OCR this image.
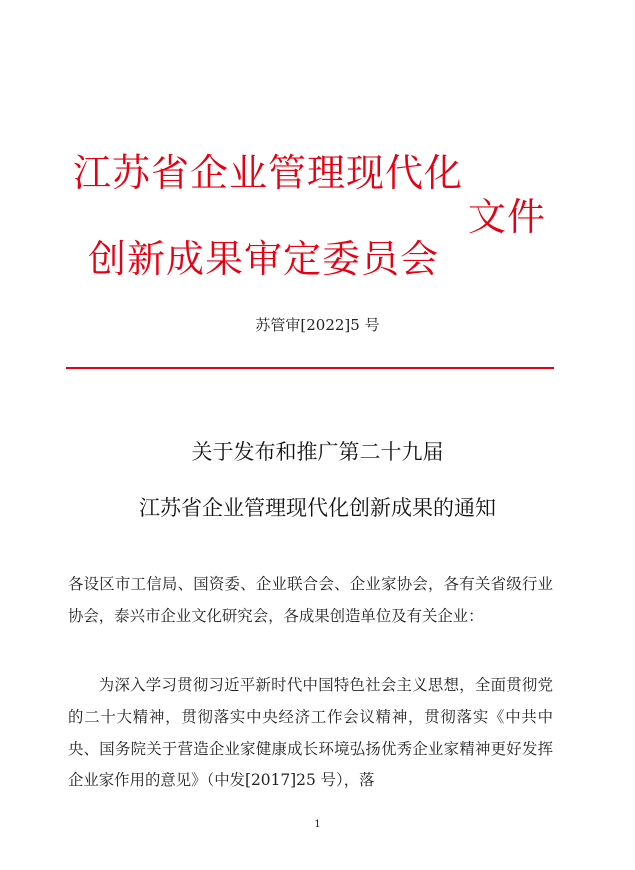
江苏省企业管理现代化
文件
创新成果审定委员会
苏管审[2022]5 号
关于发布和推广第二十九届
江苏省企业管理现代化创新成果的通知

各设区市工信局、国资委、企业联合会、企业家协会，各有关省级行业协会，泰兴市企业文化研究会，各成果创造单位及有关企业：

为深入学习贯彻习近平新时代中国特色社会主义思想，全面贯彻党的二十大精神，贯彻落实中央经济工作会议精神，贯彻落实《中共中央、国务院关于营造企业家健康成长环境弘扬优秀企业家精神更好发挥企业家作用的意见》（中发[2017]25 号），落

1
